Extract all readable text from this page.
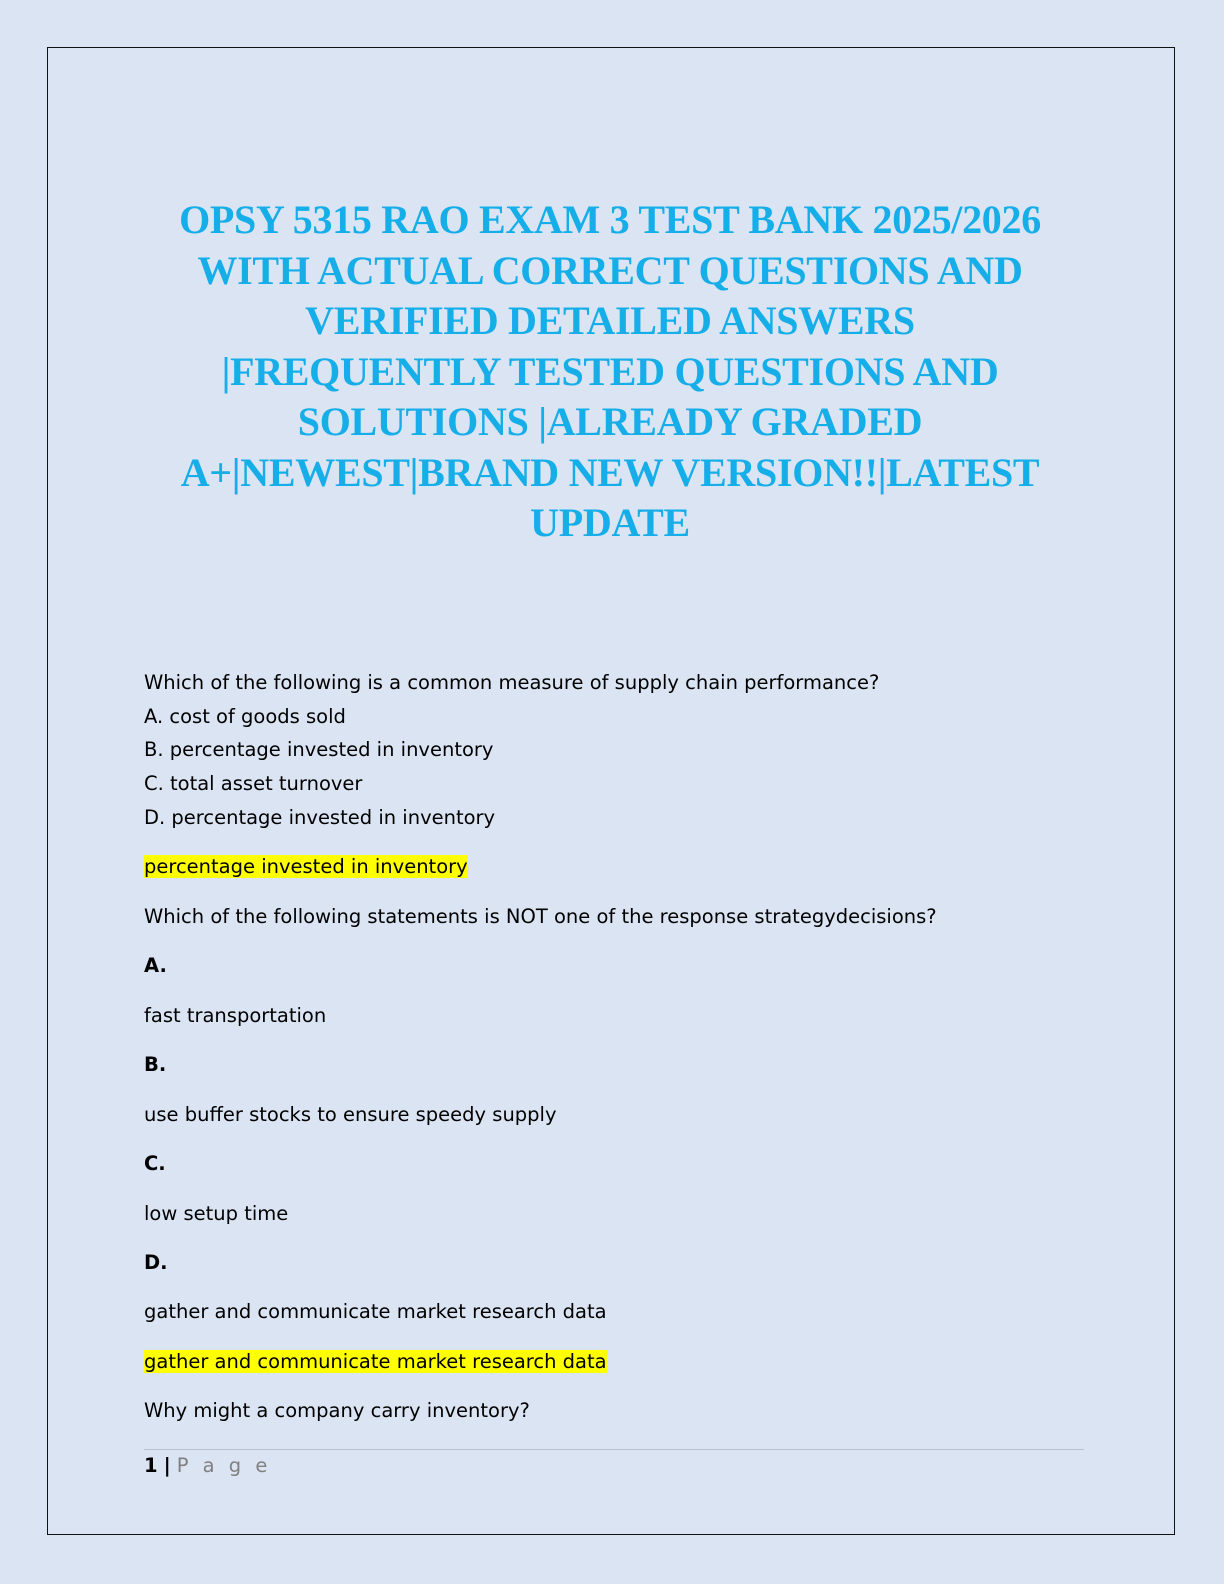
OPSY 5315 RAO EXAM 3 TEST BANK 2025/2026
WITH ACTUAL CORRECT QUESTIONS AND
VERIFIED DETAILED ANSWERS
|FREQUENTLY TESTED QUESTIONS AND
SOLUTIONS |ALREADY GRADED
A+|NEWEST|BRAND NEW VERSION!!|LATEST
UPDATE
Which of the following is a common measure of supply chain performance?
A. cost of goods sold
B. percentage invested in inventory
C. total asset turnover
D. percentage invested in inventory
percentage invested in inventory
Which of the following statements is NOT one of the response strategydecisions?
A.
fast transportation
B.
use buffer stocks to ensure speedy supply
C.
low setup time
D.
gather and communicate market research data
gather and communicate market research data
Why might a company carry inventory?
1 | P a g e
